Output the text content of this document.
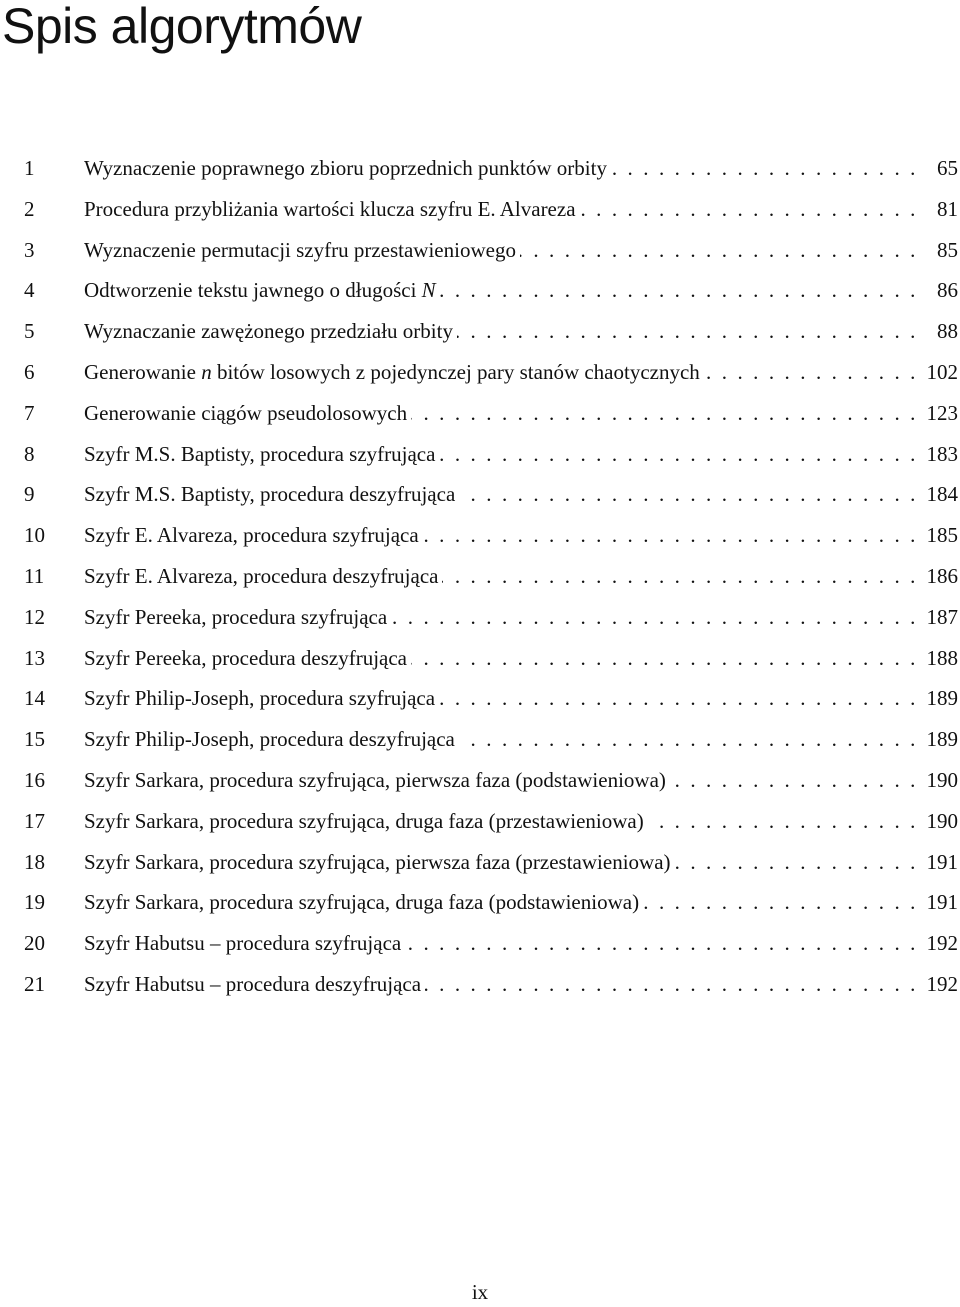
Spis algorytmów
1 Wyznaczenie poprawnego zbioru poprzednich punktów orbity . . .	65
2 Procedura przybliżania wartości klucza szyfru E. Alvareza . . .	81
3 Wyznaczenie permutacji szyfru przestawieniowego . . .	85
4 Odtworzenie tekstu jawnego o długości N . . .	86
5 Wyznaczanie zawężonego przedziału orbity . . .	88
6 Generowanie n bitów losowych z pojedynczej pary stanów chaotycznych . . .	102
7 Generowanie ciągów pseudolosowych . . .	123
8 Szyfr M.S. Baptisty, procedura szyfrująca . . .	183
9 Szyfr M.S. Baptisty, procedura deszyfrująca . . .	184
10 Szyfr E. Alvareza, procedura szyfrująca . . .	185
11 Szyfr E. Alvareza, procedura deszyfrująca . . .	186
12 Szyfr Pereeka, procedura szyfrująca . . .	187
13 Szyfr Pereeka, procedura deszyfrująca . . .	188
14 Szyfr Philip-Joseph, procedura szyfrująca . . .	189
15 Szyfr Philip-Joseph, procedura deszyfrująca . . .	189
16 Szyfr Sarkara, procedura szyfrująca, pierwsza faza (podstawieniowa) . . .	190
17 Szyfr Sarkara, procedura szyfrująca, druga faza (przestawieniowa) . . .	190
18 Szyfr Sarkara, procedura szyfrująca, pierwsza faza (przestawieniowa) . . .	191
19 Szyfr Sarkara, procedura szyfrująca, druga faza (podstawieniowa) . . .	191
20 Szyfr Habutsu – procedura szyfrująca . . .	192
21 Szyfr Habutsu – procedura deszyfrująca . . .	192
ix
